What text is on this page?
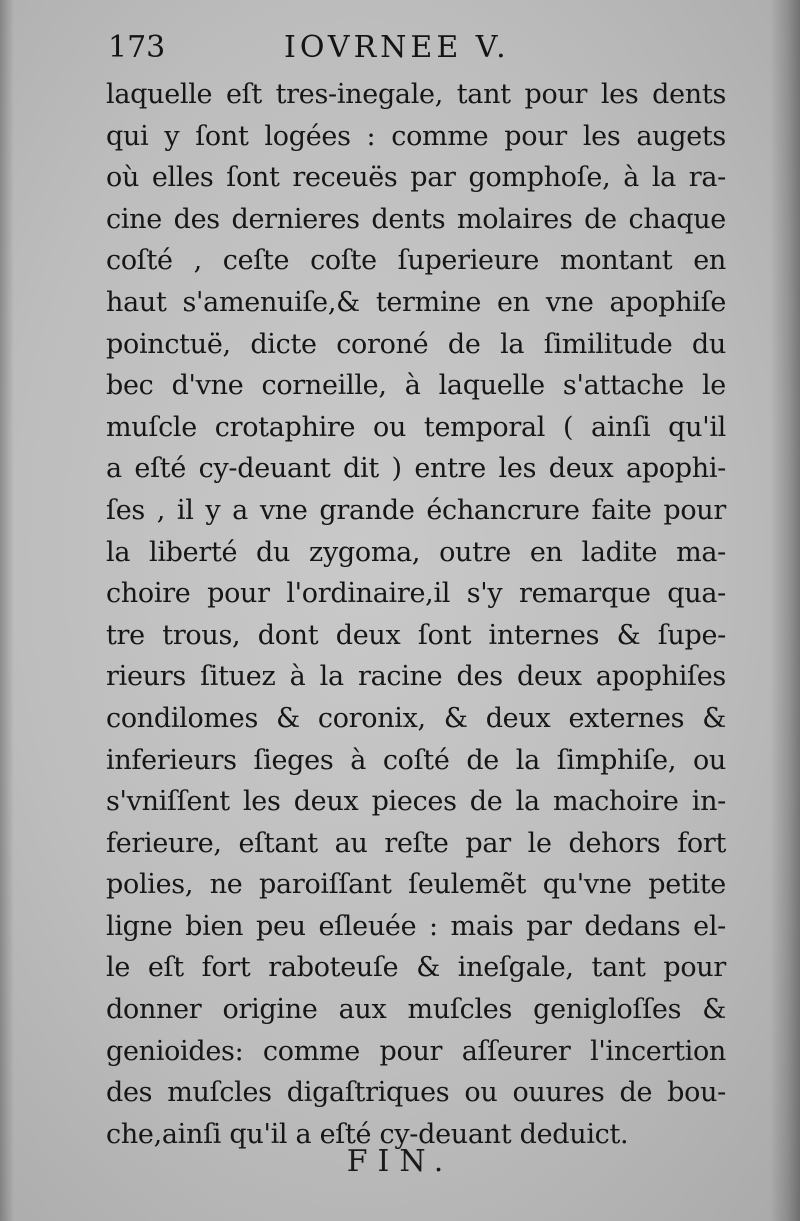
173	IOVRNEE V.
laquelle eſt tres-inegale, tant pour les dents
qui y ſont logées : comme pour les augets
où elles ſont receuës par gomphoſe, à la ra-
cine des dernieres dents molaires de chaque
coſté , ceſte coſte ſuperieure montant en
haut s'amenuiſe,& termine en vne apophiſe
poinctuë, dicte coroné de la ſimilitude du
bec d'vne corneille, à laquelle s'attache le
muſcle crotaphire ou temporal ( ainſi qu'il
a eſté cy-deuant dit ) entre les deux apophi-
ſes , il y a vne grande échancrure faite pour
la liberté du zygoma, outre en ladite ma-
choire pour l'ordinaire,il s'y remarque qua-
tre trous, dont deux ſont internes & ſupe-
rieurs ſituez à la racine des deux apophiſes
condilomes & coronix, & deux externes &
inferieurs ſieges à coſté de la ſimphiſe, ou
s'vniſſent les deux pieces de la machoire in-
ferieure, eſtant au reſte par le dehors fort
polies, ne paroiſſant ſeulemẽt qu'vne petite
ligne bien peu eſleuée : mais par dedans el-
le eſt fort raboteuſe & ineſgale, tant pour
donner origine aux muſcles genigloſſes &
genioides: comme pour aſſeurer l'incertion
des muſcles digaſtriques ou ouures de bou-
che,ainſi qu'il a eſté cy-deuant deduict.
FIN.
